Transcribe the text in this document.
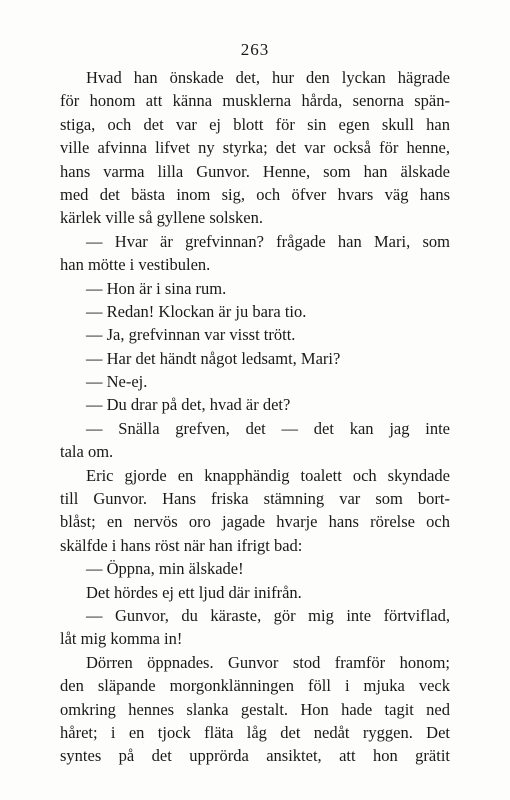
263
Hvad han önskade det, hur den lyckan hägrade
för honom att känna musklerna hårda, senorna spän-
stiga, och det var ej blott för sin egen skull han
ville afvinna lifvet ny styrka; det var också för henne,
hans varma lilla Gunvor. Henne, som han älskade
med det bästa inom sig, och öfver hvars väg hans
kärlek ville så gyllene solsken.
— Hvar är grefvinnan? frågade han Mari, som
han mötte i vestibulen.
— Hon är i sina rum.
— Redan! Klockan är ju bara tio.
— Ja, grefvinnan var visst trött.
— Har det händt något ledsamt, Mari?
— Ne-ej.
— Du drar på det, hvad är det?
— Snälla grefven, det — det kan jag inte
tala om.
Eric gjorde en knapphändig toalett och skyndade
till Gunvor. Hans friska stämning var som bort-
blåst; en nervös oro jagade hvarje hans rörelse och
skälfde i hans röst när han ifrigt bad:
— Öppna, min älskade!
Det hördes ej ett ljud där inifrån.
— Gunvor, du käraste, gör mig inte förtviflad,
låt mig komma in!
Dörren öppnades. Gunvor stod framför honom;
den släpande morgonklänningen föll i mjuka veck
omkring hennes slanka gestalt. Hon hade tagit ned
håret; i en tjock fläta låg det nedåt ryggen. Det
syntes på det upprörda ansiktet, att hon grätit
